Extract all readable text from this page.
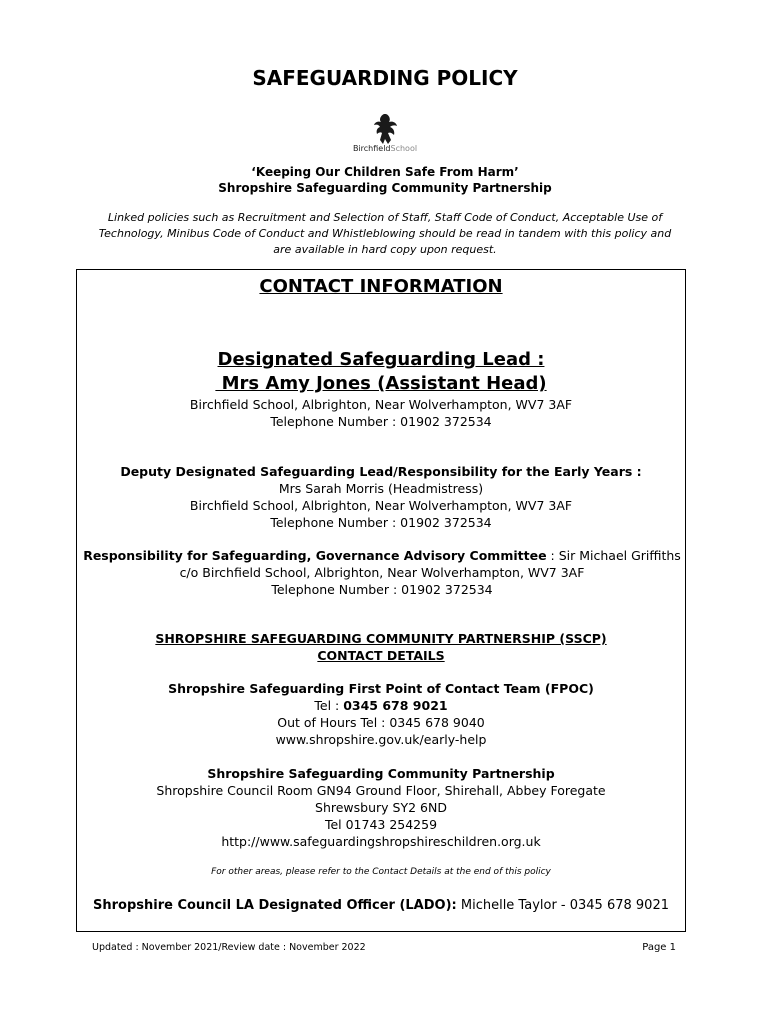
SAFEGUARDING POLICY
BirchfieldSchool
‘Keeping Our Children Safe From Harm’
Shropshire Safeguarding Community Partnership
Linked policies such as Recruitment and Selection of Staff, Staff Code of Conduct, Acceptable Use of Technology, Minibus Code of Conduct and Whistleblowing should be read in tandem with this policy and are available in hard copy upon request.
CONTACT INFORMATION
Designated Safeguarding Lead :
Mrs Amy Jones (Assistant Head)
Birchfield School, Albrighton, Near Wolverhampton, WV7 3AF
Telephone Number : 01902 372534
Deputy Designated Safeguarding Lead/Responsibility for the Early Years :
Mrs Sarah Morris (Headmistress)
Birchfield School, Albrighton, Near Wolverhampton, WV7 3AF
Telephone Number : 01902 372534
Responsibility for Safeguarding, Governance Advisory Committee : Sir Michael Griffiths
c/o Birchfield School, Albrighton, Near Wolverhampton, WV7 3AF
Telephone Number : 01902 372534
SHROPSHIRE SAFEGUARDING COMMUNITY PARTNERSHIP (SSCP)
CONTACT DETAILS
Shropshire Safeguarding First Point of Contact Team (FPOC)
Tel : 0345 678 9021
Out of Hours Tel : 0345 678 9040
www.shropshire.gov.uk/early-help
Shropshire Safeguarding Community Partnership
Shropshire Council Room GN94 Ground Floor, Shirehall, Abbey Foregate
Shrewsbury SY2 6ND
Tel 01743 254259
http://www.safeguardingshropshireschildren.org.uk
For other areas, please refer to the Contact Details at the end of this policy
Shropshire Council LA Designated Officer (LADO): Michelle Taylor - 0345 678 9021
Updated : November 2021/Review date : November 2022	Page 1
